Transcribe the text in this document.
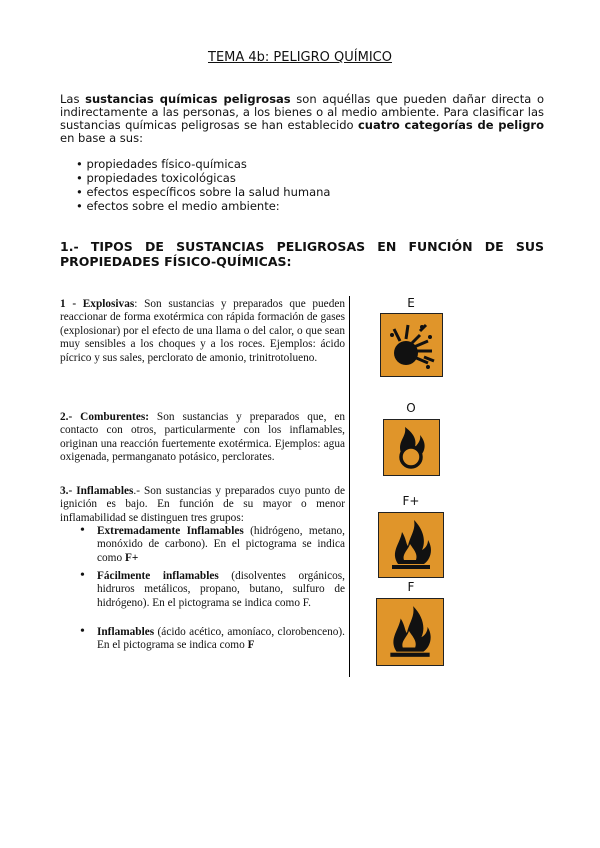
TEMA 4b: PELIGRO QUÍMICO
Las sustancias químicas peligrosas son aquéllas que pueden dañar directa o indirectamente a las personas, a los bienes o al medio ambiente. Para clasificar las sustancias químicas peligrosas se han establecido cuatro categorías de peligro en base a sus:
• propiedades físico-químicas
• propiedades toxicológicas
• efectos específicos sobre la salud humana
• efectos sobre el medio ambiente:
1.- TIPOS DE SUSTANCIAS PELIGROSAS EN FUNCIÓN DE SUS PROPIEDADES FÍSICO-QUÍMICAS:
1 - Explosivas: Son sustancias y preparados que pueden reaccionar de forma exotérmica con rápida formación de gases (explosionar) por el efecto de una llama o del calor, o que sean muy sensibles a los choques y a los roces. Ejemplos: ácido pícrico y sus sales, perclorato de amonio, trinitrotolueno.
2.- Comburentes: Son sustancias y preparados que, en contacto con otros, particularmente con los inflamables, originan una reacción fuertemente exotérmica. Ejemplos: agua oxigenada, permanganato potásico, perclorates.
3.- Inflamables.- Son sustancias y preparados cuyo punto de ignición es bajo. En función de su mayor o menor inflamabilidad se distinguen tres grupos:
• Extremadamente Inflamables (hidrógeno, metano, monóxido de carbono). En el pictograma se indica como F+
• Fácilmente inflamables (disolventes orgánicos, hidruros metálicos, propano, butano, sulfuro de hidrógeno). En el pictograma se indica como F.
• Inflamables (ácido acético, amoníaco, clorobenceno). En el pictograma se indica como F
E
O
F+
F
